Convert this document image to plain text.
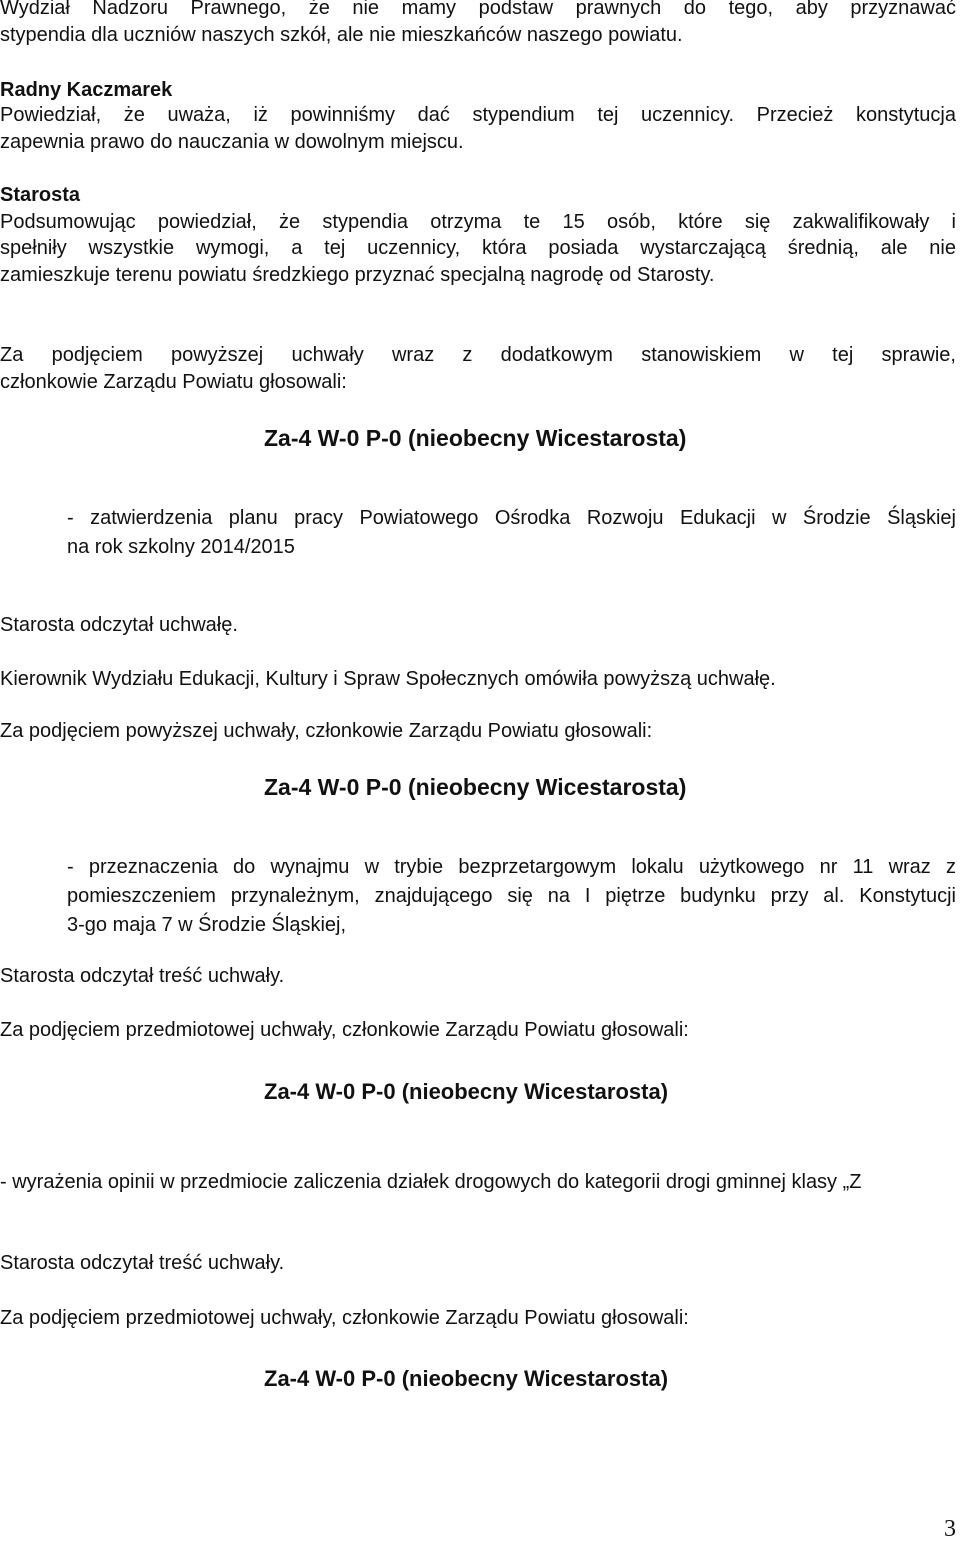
Wydział Nadzoru Prawnego, że nie mamy podstaw prawnych do tego, aby przyznawać
stypendia dla uczniów naszych szkół, ale nie mieszkańców naszego powiatu.
Radny Kaczmarek
Powiedział, że uważa, iż powinniśmy dać stypendium tej uczennicy. Przecież konstytucja
zapewnia prawo do nauczania w dowolnym miejscu.
Starosta
Podsumowując powiedział, że stypendia otrzyma te 15 osób, które się zakwalifikowały i
spełniły wszystkie wymogi, a tej uczennicy, która posiada wystarczającą średnią, ale nie
zamieszkuje terenu powiatu średzkiego przyznać specjalną nagrodę od Starosty.
Za podjęciem powyższej uchwały wraz z dodatkowym stanowiskiem w tej sprawie,
członkowie Zarządu Powiatu głosowali:
Za-4 W-0 P-0 (nieobecny Wicestarosta)
- zatwierdzenia planu pracy Powiatowego Ośrodka Rozwoju Edukacji w Środzie Śląskiej
na rok szkolny 2014/2015
Starosta odczytał uchwałę.
Kierownik Wydziału Edukacji, Kultury i Spraw Społecznych omówiła powyższą uchwałę.
Za podjęciem powyższej uchwały, członkowie Zarządu Powiatu głosowali:
Za-4 W-0 P-0 (nieobecny Wicestarosta)
- przeznaczenia do wynajmu w trybie bezprzetargowym lokalu użytkowego nr 11 wraz z
pomieszczeniem przynależnym, znajdującego się na I piętrze budynku przy al. Konstytucji
3-go maja 7 w Środzie Śląskiej,
Starosta odczytał treść uchwały.
Za podjęciem przedmiotowej uchwały, członkowie Zarządu Powiatu głosowali:
Za-4 W-0 P-0 (nieobecny Wicestarosta)
- wyrażenia opinii w przedmiocie zaliczenia działek drogowych do kategorii drogi gminnej klasy „Z
Starosta odczytał treść uchwały.
Za podjęciem przedmiotowej uchwały, członkowie Zarządu Powiatu głosowali:
Za-4 W-0 P-0 (nieobecny Wicestarosta)
3
